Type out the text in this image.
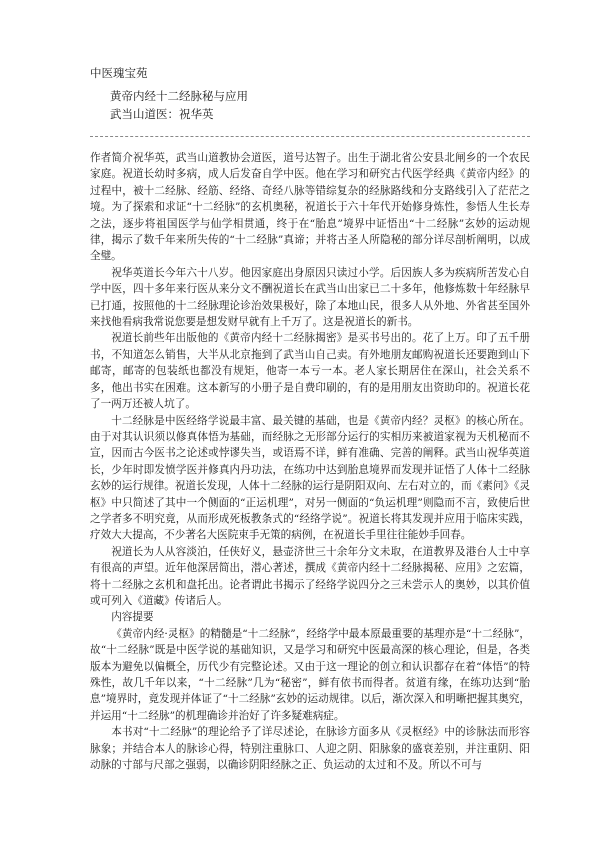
中医瑰宝苑
黄帝内经十二经脉秘与应用
武当山道医：祝华英

作者简介祝华英，武当山道教协会道医，道号达智子。出生于湖北省公安县北闸乡的一个农民家庭。祝道长幼时多病，成人后发奋自学中医。他在学习和研究古代医学经典《黄帝内经》的过程中，被十二经脉、经筋、经络、奇经八脉等错综复杂的经脉路线和分支路线引入了茫茫之境。为了探索和求证“十二经脉”的玄机奥秘，祝道长于六十年代开始修身炼性，参悟人生长寿之法，逐步将祖国医学与仙学相贯通，终于在“胎息”境界中证悟出“十二经脉”玄妙的运动规律，揭示了数千年来所失传的“十二经脉”真谛；并将古圣人所隐秘的部分详尽剖析阐明，以成全璧。

祝华英道长今年六十八岁。他因家庭出身原因只读过小学。后因族人多为疾病所苦发心自学中医，四十多年来行医从来分文不酬祝道长在武当山出家已二十多年，他修炼数十年经脉早已打通，按照他的十二经脉理论诊治效果极好，除了本地山民，很多人从外地、外省甚至国外来找他看病我常说您要是想发财早就有上千万了。这是祝道长的新书。

祝道长前些年出版他的《黄帝内经十二经脉揭密》是买书号出的。花了上万。印了五千册书，不知道怎么销售，大半从北京拖到了武当山自己卖。有外地朋友邮购祝道长还要跑到山下邮寄，邮寄的包装纸也都没有规矩，他寄一本亏一本。老人家长期居住在深山，社会关系不多，他出书实在困难。这本新写的小册子是自费印刷的，有的是用朋友出资助印的。祝道长花了一两万还被人坑了。

十二经脉是中医经络学说最丰富、最关键的基础，也是《黄帝内经？灵枢》的核心所在。由于对其认识须以修真体悟为基础，而经脉之无形部分运行的实相历来被道家视为天机秘而不宣，因而古今医书之论述或悖谬失当，或语焉不详，鲜有准确、完善的阐释。武当山祝华英道长，少年时即发愤学医并修真内丹功法，在练功中达到胎息境界而发现并证悟了人体十二经脉玄妙的运行规律。祝道长发现，人体十二经脉的运行是阴阳双向、左右对立的，而《素问》《灵枢》中只简述了其中一个侧面的“正运机理”，对另一侧面的“负运机理”则隐而不言，致使后世之学者多不明究竟，从而形成死板教条式的“经络学说”。祝道长将其发现并应用于临床实践，疗效大大提高，不少著名大医院束手无策的病例，在祝道长手里往往能妙手回春。

祝道长为人从容淡泊，任侠好义，悬壶济世三十余年分文未取，在道教界及港台人士中享有很高的声望。近年他深居简出，潜心著述，撰成《黄帝内经十二经脉揭秘、应用》之宏篇，将十二经脉之玄机和盘托出。论者谓此书揭示了经络学说四分之三未尝示人的奥妙，以其价值或可列入《道藏》传诸后人。

内容提要

《黄帝内经·灵枢》的精髓是“十二经脉”，经络学中最本原最重要的基理亦是“十二经脉”，故“十二经脉”既是中医学说的基础知识，又是学习和研究中医最高深的核心理论，但是，各类版本为避免以偏概全，历代少有完整论述。又由于这一理论的创立和认识都存在着“体悟”的特殊性，故几千年以来，“十二经脉”几为“秘密”，鲜有依书而得者。贫道有缘，在练功达到“胎息”境界时，竟发现并体证了“十二经脉”玄妙的运动规律。以后，渐次深入和明晰把握其奥究，并运用“十二经脉”的机理确诊并治好了许多疑难病症。

本书对“十二经脉”的理论给予了详尽述论，在脉诊方面多从《灵枢经》中的诊脉法而形容脉象；并结合本人的脉诊心得，特别注重脉口、人迎之阴、阳脉象的盛衰差别，并注重阴、阳动脉的寸部与尺部之强弱，以确诊阴阳经脉之正、负运动的太过和不及。所以不可与
